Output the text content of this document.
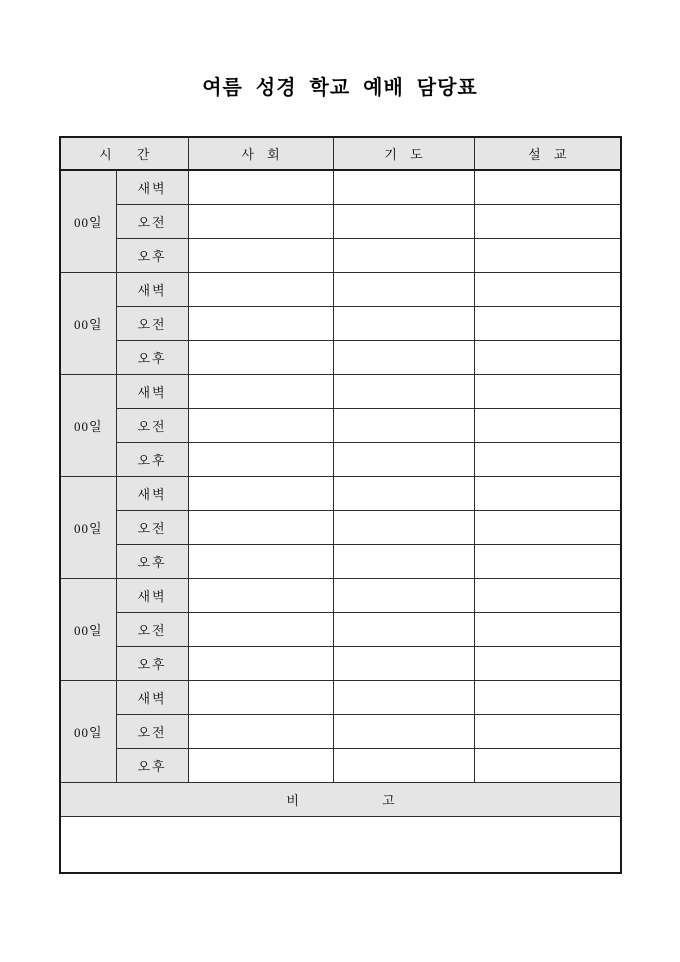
여름 성경 학교 예배 담당표
시 간		사 회	기 도	설 교
00일	새벽			
	오전			
	오후			
00일	새벽			
	오전			
	오후			
00일	새벽			
	오전			
	오후			
00일	새벽			
	오전			
	오후			
00일	새벽			
	오전			
	오후			
00일	새벽			
	오전			
	오후			
비 고				
